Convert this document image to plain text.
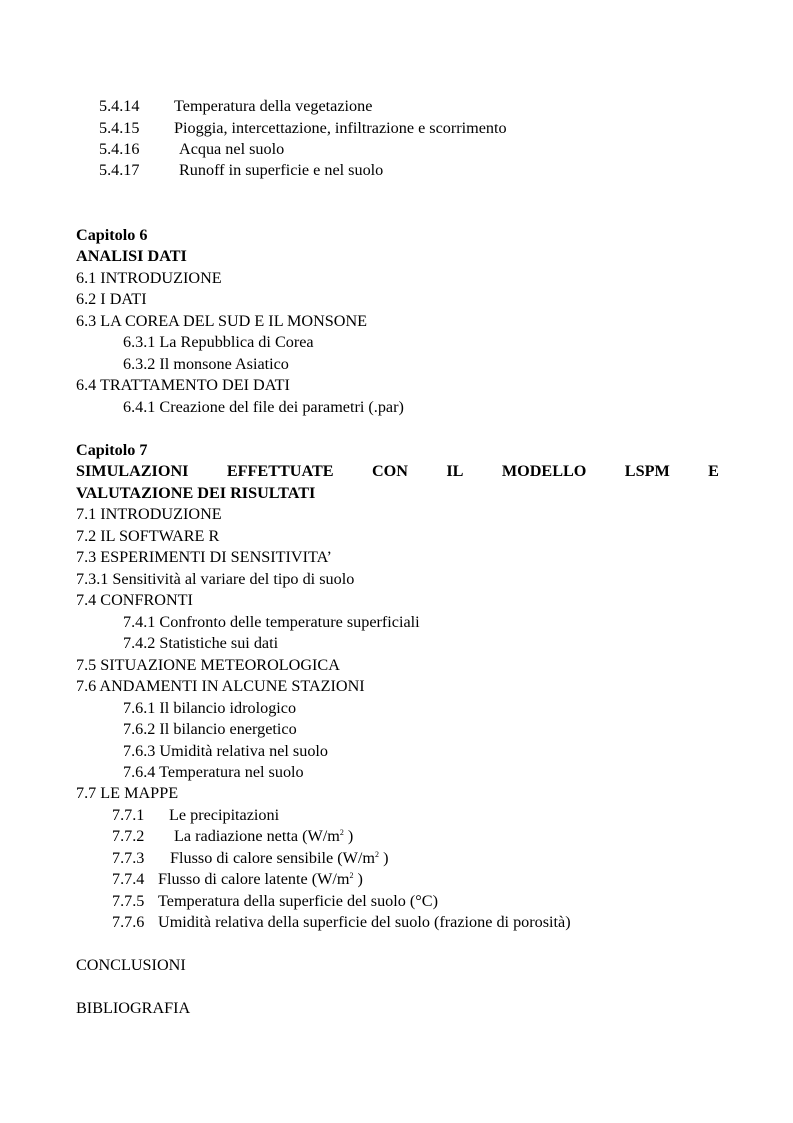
5.4.14 Temperatura della vegetazione
5.4.15 Pioggia, intercettazione, infiltrazione e scorrimento
5.4.16 Acqua nel suolo
5.4.17 Runoff in superficie e nel suolo
Capitolo 6
ANALISI DATI
6.1 INTRODUZIONE
6.2 I DATI
6.3 LA COREA DEL SUD E IL MONSONE
6.3.1 La Repubblica di Corea
6.3.2 Il monsone Asiatico
6.4 TRATTAMENTO DEI DATI
6.4.1 Creazione del file dei parametri (.par)
Capitolo 7
SIMULAZIONI EFFETTUATE CON IL MODELLO LSPM E
VALUTAZIONE DEI RISULTATI
7.1 INTRODUZIONE
7.2 IL SOFTWARE R
7.3 ESPERIMENTI DI SENSITIVITA’
7.3.1 Sensitività al variare del tipo di suolo
7.4 CONFRONTI
7.4.1 Confronto delle temperature superficiali
7.4.2 Statistiche sui dati
7.5 SITUAZIONE METEOROLOGICA
7.6 ANDAMENTI IN ALCUNE STAZIONI
7.6.1 Il bilancio idrologico
7.6.2 Il bilancio energetico
7.6.3 Umidità relativa nel suolo
7.6.4 Temperatura nel suolo
7.7 LE MAPPE
7.7.1 Le precipitazioni
7.7.2 La radiazione netta ($W/m^2$ )
7.7.3 Flusso di calore sensibile ($W/m^2$ )
7.7.4 Flusso di calore latente ($W/m^2$ )
7.7.5 Temperatura della superficie del suolo (°C)
7.7.6 Umidità relativa della superficie del suolo (frazione di porosità)
CONCLUSIONI
BIBLIOGRAFIA
